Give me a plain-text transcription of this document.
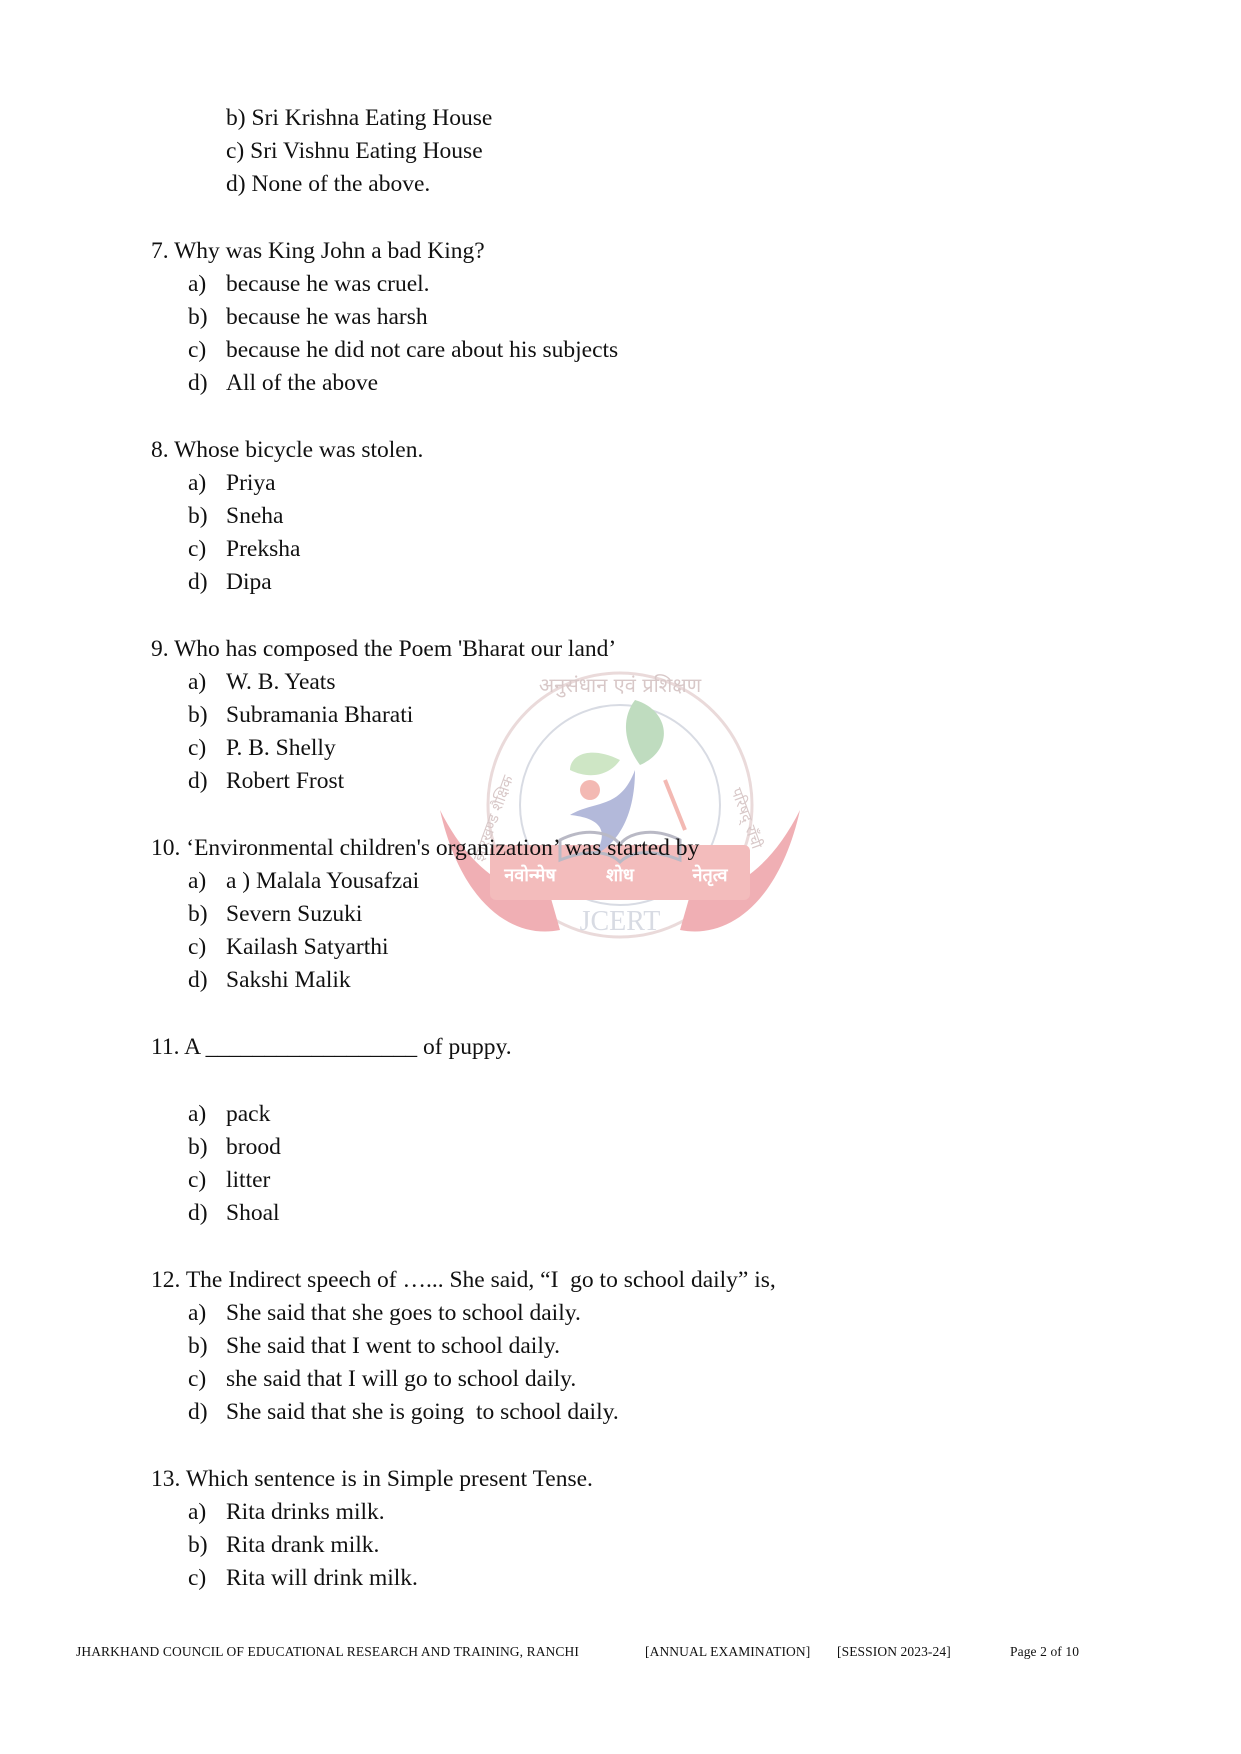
अनुसंधान एवं प्रशिक्षण
झारखण्ड शैक्षिक	परिषद् राँची
नवोन्मेष	शोध	नेतृत्व
JCERT
b) Sri Krishna Eating House
c) Sri Vishnu Eating House
d) None of the above.
7. Why was King John a bad King?
a) because he was cruel.
b) because he was harsh
c) because he did not care about his subjects
d) All of the above
8. Whose bicycle was stolen.
a) Priya
b) Sneha
c) Preksha
d) Dipa
9. Who has composed the Poem 'Bharat our land’
a) W. B. Yeats
b) Subramania Bharati
c) P. B. Shelly
d) Robert Frost
10. ‘Environmental children's organization’ was started by
a) a ) Malala Yousafzai
b) Severn Suzuki
c) Kailash Satyarthi
d) Sakshi Malik
11. A __________________ of puppy.
a) pack
b) brood
c) litter
d) Shoal
12. The Indirect speech of …... She said, “I  go to school daily” is,
a) She said that she goes to school daily.
b) She said that I went to school daily.
c) she said that I will go to school daily.
d) She said that she is going  to school daily.
13. Which sentence is in Simple present Tense.
a) Rita drinks milk.
b) Rita drank milk.
c) Rita will drink milk.
JHARKHAND COUNCIL OF EDUCATIONAL RESEARCH AND TRAINING, RANCHI	[ANNUAL EXAMINATION] [SESSION 2023-24]	Page 2 of 10
